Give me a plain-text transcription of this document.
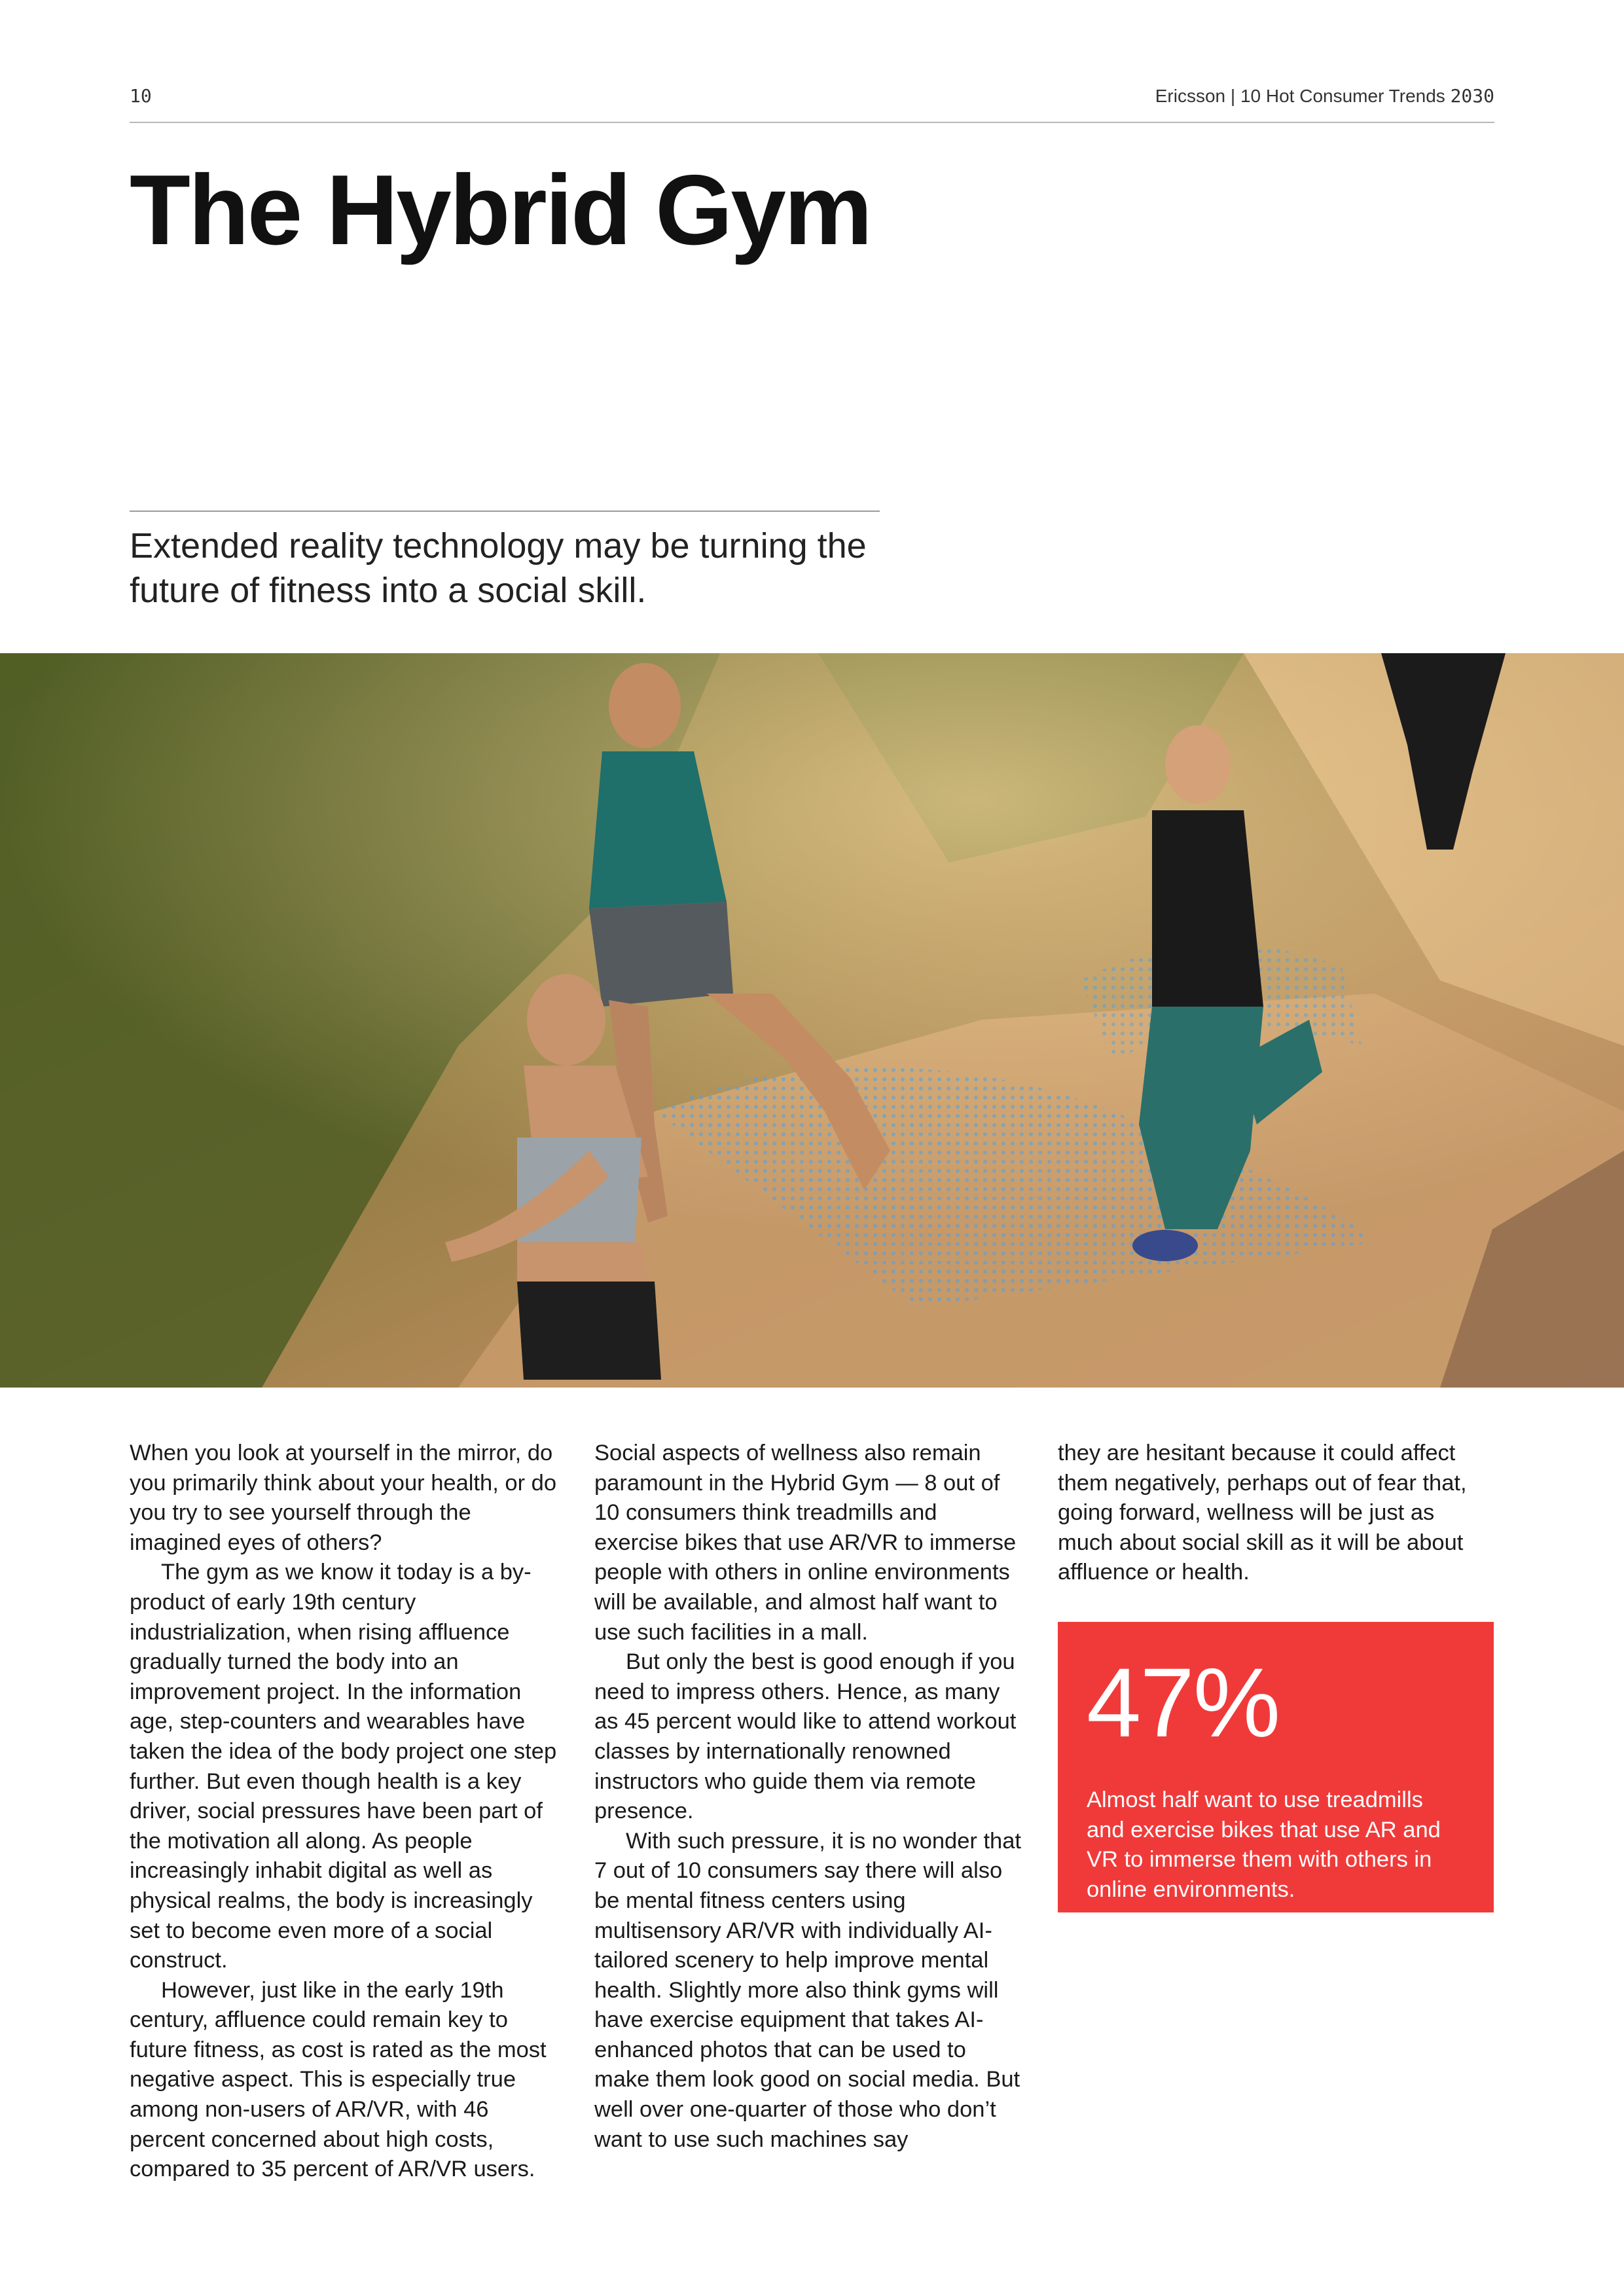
10	Ericsson | 10 Hot Consumer Trends 2030
The Hybrid Gym
Extended reality technology may be turning the future of fitness into a social skill.

When you look at yourself in the mirror, do you primarily think about your health, or do you try to see yourself through the imagined eyes of others?

The gym as we know it today is a by-product of early 19th century industrialization, when rising affluence gradually turned the body into an improvement project. In the information age, step-counters and wearables have taken the idea of the body project one step further. But even though health is a key driver, social pressures have been part of the motivation all along. As people increasingly inhabit digital as well as physical realms, the body is increasingly set to become even more of a social construct.

However, just like in the early 19th century, affluence could remain key to future fitness, as cost is rated as the most negative aspect. This is especially true among non-users of AR/VR, with 46 percent concerned about high costs, compared to 35 percent of AR/VR users.

Social aspects of wellness also remain paramount in the Hybrid Gym — 8 out of 10 consumers think treadmills and exercise bikes that use AR/VR to immerse people with others in online environments will be available, and almost half want to use such facilities in a mall.

But only the best is good enough if you need to impress others. Hence, as many as 45 percent would like to attend workout classes by internationally renowned instructors who guide them via remote presence.

With such pressure, it is no wonder that 7 out of 10 consumers say there will also be mental fitness centers using multisensory AR/VR with individually AI-tailored scenery to help improve mental health. Slightly more also think gyms will have exercise equipment that takes AI-enhanced photos that can be used to make them look good on social media. But well over one-quarter of those who don’t want to use such machines say

they are hesitant because it could affect them negatively, perhaps out of fear that, going forward, wellness will be just as much about social skill as it will be about affluence or health.

47%
Almost half want to use treadmills and exercise bikes that use AR and VR to immerse them with others in online environments.
